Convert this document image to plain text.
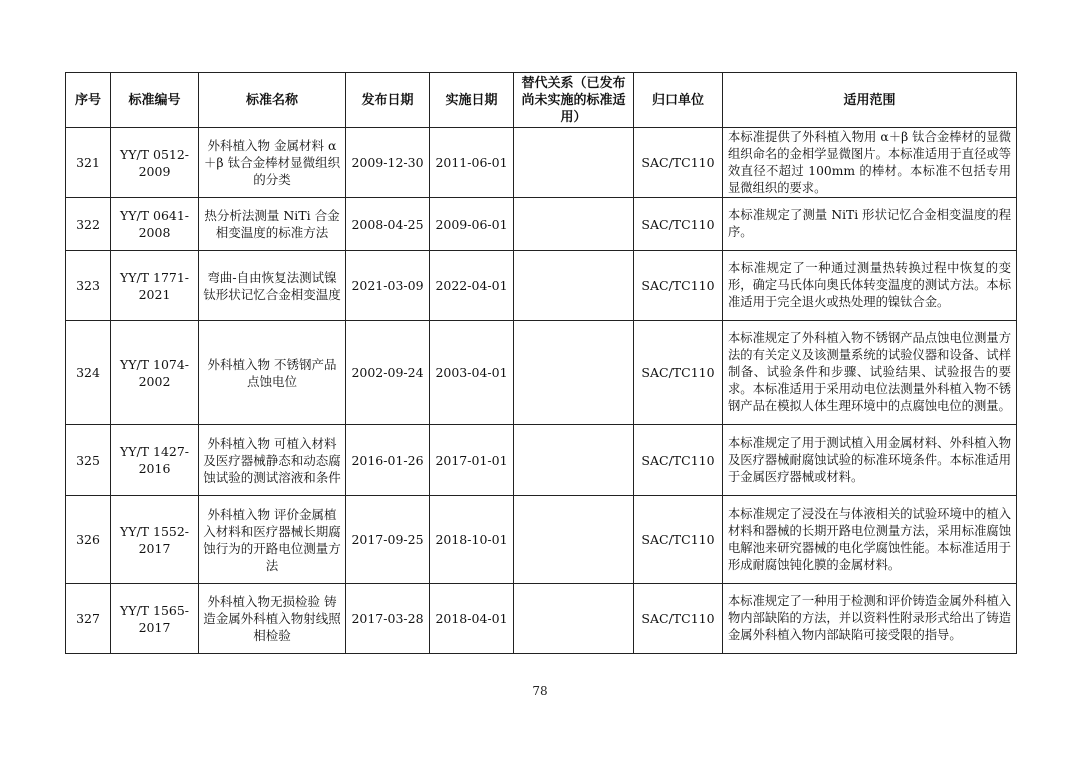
序号	标准编号	标准名称	发布日期	实施日期	替代关系（已发布尚未实施的标准适用）	归口单位	适用范围
321	YY/T 0512-2009	外科植入物 金属材料 α＋β 钛合金棒材显微组织的分类	2009-12-30	2011-06-01		SAC/TC110	本标准提供了外科植入物用 α＋β 钛合金棒材的显微组织命名的金相学显微图片。本标准适用于直径或等效直径不超过 100mm 的棒材。本标准不包括专用显微组织的要求。
322	YY/T 0641-2008	热分析法测量 NiTi 合金相变温度的标准方法	2008-04-25	2009-06-01		SAC/TC110	本标准规定了测量 NiTi 形状记忆合金相变温度的程序。
323	YY/T 1771-2021	弯曲-自由恢复法测试镍钛形状记忆合金相变温度	2021-03-09	2022-04-01		SAC/TC110	本标准规定了一种通过测量热转换过程中恢复的变形，确定马氏体向奥氏体转变温度的测试方法。本标准适用于完全退火或热处理的镍钛合金。
324	YY/T 1074-2002	外科植入物 不锈钢产品点蚀电位	2002-09-24	2003-04-01		SAC/TC110	本标准规定了外科植入物不锈钢产品点蚀电位测量方法的有关定义及该测量系统的试验仪器和设备、试样制备、试验条件和步骤、试验结果、试验报告的要求。本标准适用于采用动电位法测量外科植入物不锈钢产品在模拟人体生理环境中的点腐蚀电位的测量。
325	YY/T 1427-2016	外科植入物 可植入材料及医疗器械静态和动态腐蚀试验的测试溶液和条件	2016-01-26	2017-01-01		SAC/TC110	本标准规定了用于测试植入用金属材料、外科植入物及医疗器械耐腐蚀试验的标准环境条件。本标准适用于金属医疗器械或材料。
326	YY/T 1552-2017	外科植入物 评价金属植入材料和医疗器械长期腐蚀行为的开路电位测量方法	2017-09-25	2018-10-01		SAC/TC110	本标准规定了浸没在与体液相关的试验环境中的植入材料和器械的长期开路电位测量方法，采用标准腐蚀电解池来研究器械的电化学腐蚀性能。本标准适用于形成耐腐蚀钝化膜的金属材料。
327	YY/T 1565-2017	外科植入物无损检验 铸造金属外科植入物射线照相检验	2017-03-28	2018-04-01		SAC/TC110	本标准规定了一种用于检测和评价铸造金属外科植入物内部缺陷的方法，并以资料性附录形式给出了铸造金属外科植入物内部缺陷可接受限的指导。
78
